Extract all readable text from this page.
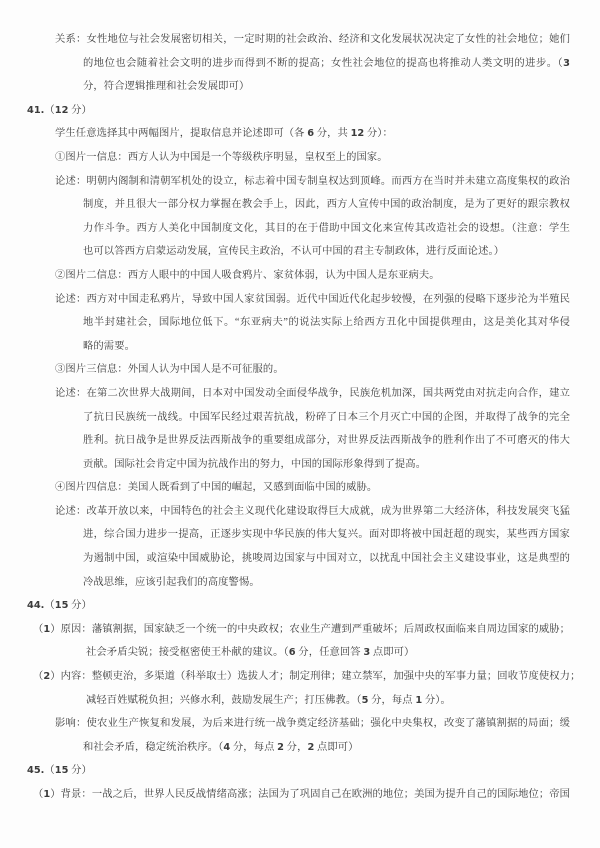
关系：女性地位与社会发展密切相关，一定时期的社会政治、经济和文化发展状况决定了女性的社会地位；她们
的地位也会随着社会文明的进步而得到不断的提高；女性社会地位的提高也将推动人类文明的进步。（3
分，符合逻辑推理和社会发展即可）
41.（12 分）
学生任意选择其中两幅图片，提取信息并论述即可（各 6 分，共 12 分）：
①图片一信息：西方人认为中国是一个等级秩序明显，皇权至上的国家。
论述：明朝内阁制和清朝军机处的设立，标志着中国专制皇权达到顶峰。而西方在当时并未建立高度集权的政治
制度，并且很大一部分权力掌握在教会手上，因此，西方人宣传中国的政治制度，是为了更好的跟宗教权
力作斗争。西方人美化中国制度文化，其目的在于借助中国文化来宣传其改造社会的设想。（注意：学生
也可以答西方启蒙运动发展，宣传民主政治，不认可中国的君主专制政体，进行反面论述。）
②图片二信息：西方人眼中的中国人吸食鸦片、家贫体弱，认为中国人是东亚病夫。
论述：西方对中国走私鸦片，导致中国人家贫国弱。近代中国近代化起步较慢，在列强的侵略下逐步沦为半殖民
地半封建社会，国际地位低下。“东亚病夫”的说法实际上给西方丑化中国提供理由，这是美化其对华侵
略的需要。
③图片三信息：外国人认为中国人是不可征服的。
论述：在第二次世界大战期间，日本对中国发动全面侵华战争，民族危机加深，国共两党由对抗走向合作，建立
了抗日民族统一战线。中国军民经过艰苦抗战，粉碎了日本三个月灭亡中国的企图，并取得了战争的完全
胜利。抗日战争是世界反法西斯战争的重要组成部分，对世界反法西斯战争的胜利作出了不可磨灭的伟大
贡献。国际社会肯定中国为抗战作出的努力，中国的国际形象得到了提高。
④图片四信息：美国人既看到了中国的崛起，又感到面临中国的威胁。
论述：改革开放以来，中国特色的社会主义现代化建设取得巨大成就，成为世界第二大经济体，科技发展突飞猛
进，综合国力进步一提高，正逐步实现中华民族的伟大复兴。面对即将被中国赶超的现实，某些西方国家
为遏制中国，或渲染中国威胁论，挑唆周边国家与中国对立，以扰乱中国社会主义建设事业，这是典型的
冷战思维，应该引起我们的高度警惕。
44.（15 分）
（1）原因：藩镇割据，国家缺乏一个统一的中央政权；农业生产遭到严重破坏；后周政权面临来自周边国家的威胁；
社会矛盾尖锐；接受枢密使王朴献的建议。（6 分，任意回答 3 点即可）
（2）内容：整顿吏治，多渠道（科举取士）选拔人才；制定刑律；建立禁军，加强中央的军事力量；回收节度使权力；
减轻百姓赋税负担；兴修水利，鼓励发展生产；打压佛教。（5 分，每点 1 分）。
影响：使农业生产恢复和发展，为后来进行统一战争奠定经济基础；强化中央集权，改变了藩镇割据的局面；缓
和社会矛盾，稳定统治秩序。（4 分，每点 2 分，2 点即可）
45.（15 分）
（1）背景：一战之后，世界人民反战情绪高涨；法国为了巩固自己在欧洲的地位；美国为提升自己的国际地位；帝国
